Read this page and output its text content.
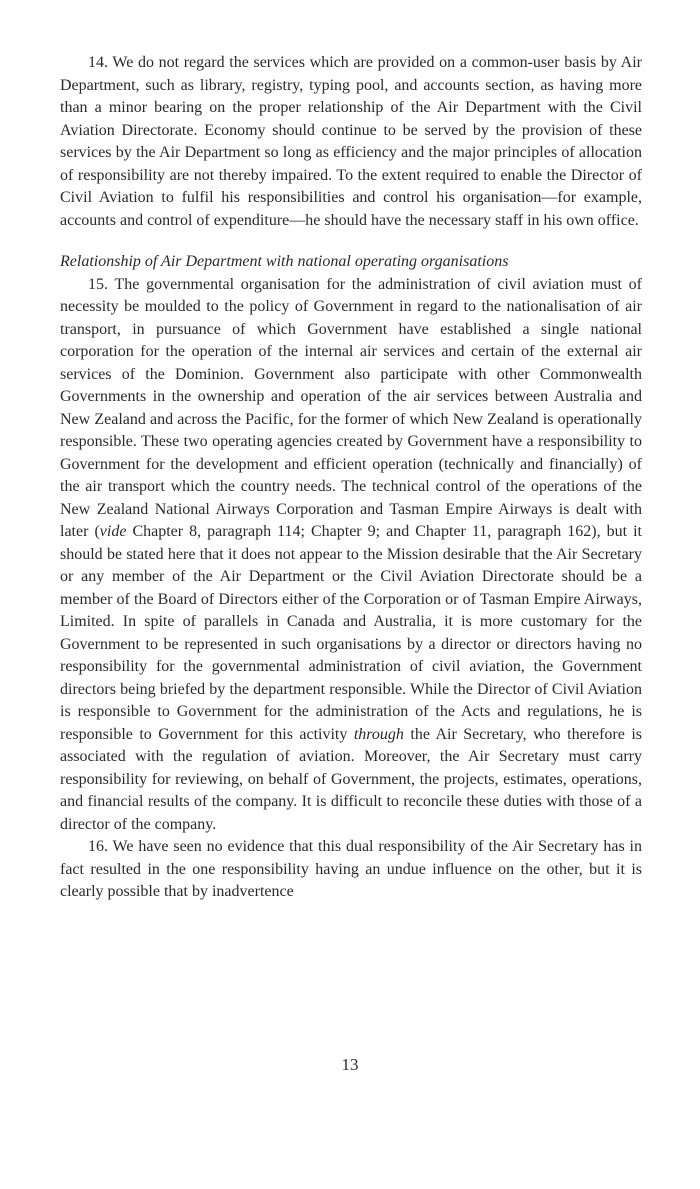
14. We do not regard the services which are provided on a common-user basis by Air Department, such as library, registry, typing pool, and accounts section, as having more than a minor bearing on the proper relationship of the Air Department with the Civil Aviation Directorate. Economy should continue to be served by the provision of these services by the Air Department so long as efficiency and the major principles of allocation of responsibility are not thereby impaired. To the extent required to enable the Director of Civil Aviation to fulfil his responsibilities and control his organisation—for example, accounts and control of expenditure—he should have the necessary staff in his own office.

Relationship of Air Department with national operating organisations

15. The governmental organisation for the administration of civil aviation must of necessity be moulded to the policy of Government in regard to the nationalisation of air transport, in pursuance of which Government have established a single national corporation for the operation of the internal air services and certain of the external air services of the Dominion. Government also participate with other Commonwealth Governments in the ownership and operation of the air services between Australia and New Zealand and across the Pacific, for the former of which New Zealand is operationally responsible. These two operating agencies created by Government have a responsibility to Government for the development and efficient operation (technically and financially) of the air transport which the country needs. The technical control of the operations of the New Zealand National Airways Corporation and Tasman Empire Airways is dealt with later (vide Chapter 8, paragraph 114; Chapter 9; and Chapter 11, paragraph 162), but it should be stated here that it does not appear to the Mission desirable that the Air Secretary or any member of the Air Department or the Civil Aviation Directorate should be a member of the Board of Directors either of the Corporation or of Tasman Empire Airways, Limited. In spite of parallels in Canada and Australia, it is more customary for the Government to be represented in such organisations by a director or directors having no responsibility for the governmental administration of civil aviation, the Government directors being briefed by the department responsible. While the Director of Civil Aviation is responsible to Government for the administration of the Acts and regulations, he is responsible to Government for this activity through the Air Secretary, who therefore is associated with the regulation of aviation. Moreover, the Air Secretary must carry responsibility for reviewing, on behalf of Government, the projects, estimates, operations, and financial results of the company. It is difficult to reconcile these duties with those of a director of the company.

16. We have seen no evidence that this dual responsibility of the Air Secretary has in fact resulted in the one responsibility having an undue influence on the other, but it is clearly possible that by inadvertence

13
